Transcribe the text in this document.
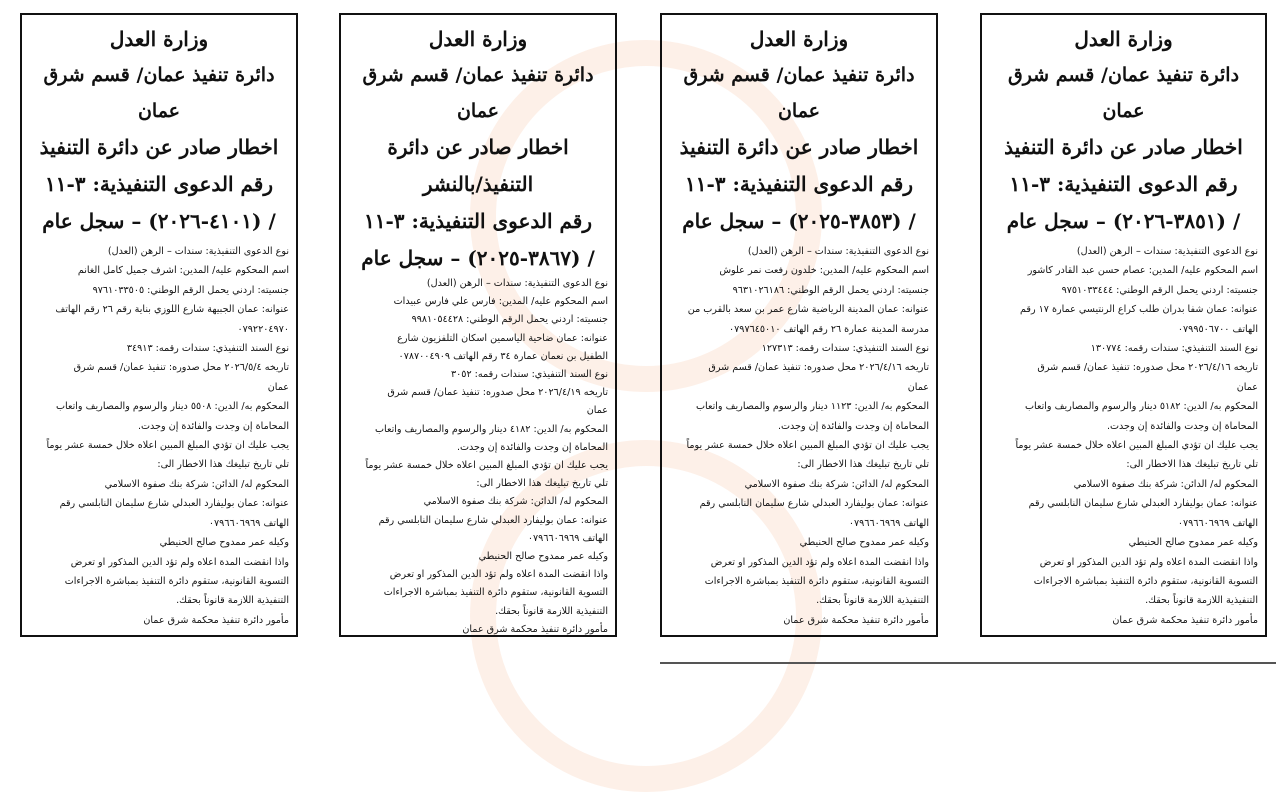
وزارة العدل
دائرة تنفيذ عمان/ قسم شرق
عمان
اخطار صادر عن دائرة التنفيذ
رقم الدعوى التنفيذية: ٣-١١
/ (٣٨٥١-٢٠٢٦) – سجل عام
نوع الدعوى التنفيذية: سندات – الرهن (العدل)
اسم المحكوم عليه/ المدين: عصام حسن عبد القادر كاشور
جنسيته: اردني يحمل الرقم الوطني: ٩٧٥١٠٣٣٤٤٤
عنوانه: عمان شفا بدران طلب كراع الرنتيسي عمارة ١٧ رقم
الهاتف ٠٧٩٩٥٠٦٧٠٠
نوع السند التنفيذي: سندات رقمه: ١٣٠٧٧٤
تاريخه ٢٠٢٦/٤/١٦ محل صدوره: تنفيذ عمان/ قسم شرق
عمان
المحكوم به/ الدين: ٥١٨٢ دينار والرسوم والمصاريف واتعاب
المحاماة إن وجدت والفائدة إن وجدت.
يجب عليك ان تؤدي المبلغ المبين اعلاه خلال خمسة عشر يوماً
تلي تاريخ تبليغك هذا الاخطار الى:
المحكوم له/ الدائن: شركة بنك صفوة الاسلامي
عنوانه: عمان بوليفارد العبدلي شارع سليمان النابلسي رقم
الهاتف ٠٧٩٦٦٠٦٩٦٩
وكيله عمر ممدوح صالح الحنيطي
واذا انقضت المدة اعلاه ولم تؤد الدين المذكور او تعرض
التسوية القانونية، ستقوم دائرة التنفيذ بمباشرة الاجراءات
التنفيذية اللازمة قانوناً بحقك.
مأمور دائرة تنفيذ محكمة شرق عمان
وزارة العدل
دائرة تنفيذ عمان/ قسم شرق
عمان
اخطار صادر عن دائرة التنفيذ
رقم الدعوى التنفيذية: ٣-١١
/ (٣٨٥٣-٢٠٢٥) – سجل عام
نوع الدعوى التنفيذية: سندات – الرهن (العدل)
اسم المحكوم عليه/ المدين: خلدون رفعت نمر علوش
جنسيته: اردني يحمل الرقم الوطني: ٩٦٣١٠٢٦١٨٦
عنوانه: عمان المدينة الرياضية شارع عمر بن سعد بالقرب من
مدرسة المدينة عمارة ٢٦ رقم الهاتف ٠٧٩٧٦٤٥٠١٠
نوع السند التنفيذي: سندات رقمه: ١٢٧٣١٣
تاريخه ٢٠٢٦/٤/١٦ محل صدوره: تنفيذ عمان/ قسم شرق
عمان
المحكوم به/ الدين: ١١٢٣ دينار والرسوم والمصاريف واتعاب
المحاماة إن وجدت والفائدة إن وجدت.
يجب عليك ان تؤدي المبلغ المبين اعلاه خلال خمسة عشر يوماً
تلي تاريخ تبليغك هذا الاخطار الى:
المحكوم له/ الدائن: شركة بنك صفوة الاسلامي
عنوانه: عمان بوليفارد العبدلي شارع سليمان النابلسي رقم
الهاتف ٠٧٩٦٦٠٦٩٦٩
وكيله عمر ممدوح صالح الحنيطي
واذا انقضت المدة اعلاه ولم تؤد الدين المذكور او تعرض
التسوية القانونية، ستقوم دائرة التنفيذ بمباشرة الاجراءات
التنفيذية اللازمة قانوناً بحقك.
مأمور دائرة تنفيذ محكمة شرق عمان
وزارة العدل
دائرة تنفيذ عمان/ قسم شرق
عمان
اخطار صادر عن دائرة
التنفيذ/بالنشر
رقم الدعوى التنفيذية: ٣-١١
/ (٣٨٦٧-٢٠٢٥) – سجل عام
نوع الدعوى التنفيذية: سندات – الرهن (العدل)
اسم المحكوم عليه/ المدين: فارس علي فارس عبيدات
جنسيته: اردني يحمل الرقم الوطني: ٩٩٨١٠٥٤٤٢٨
عنوانه: عمان ضاحية الياسمين اسكان التلفزيون شارع
الطفيل بن نعمان عمارة ٣٤ رقم الهاتف ٠٧٨٧٠٠٤٩٠٩
نوع السند التنفيذي: سندات رقمه: ٣٠٥٢
تاريخه ٢٠٢٦/٤/١٩ محل صدوره: تنفيذ عمان/ قسم شرق
عمان
المحكوم به/ الدين: ٤١٨٢ دينار والرسوم والمصاريف واتعاب
المحاماة إن وجدت والفائدة إن وجدت.
يجب عليك ان تؤدي المبلغ المبين اعلاه خلال خمسة عشر يوماً
تلي تاريخ تبليغك هذا الاخطار الى:
المحكوم له/ الدائن: شركة بنك صفوة الاسلامي
عنوانه: عمان بوليفارد العبدلي شارع سليمان النابلسي رقم
الهاتف ٠٧٩٦٦٠٦٩٦٩
وكيله عمر ممدوح صالح الحنيطي
واذا انقضت المدة اعلاه ولم تؤد الدين المذكور او تعرض
التسوية القانونية، ستقوم دائرة التنفيذ بمباشرة الاجراءات
التنفيذية اللازمة قانوناً بحقك.
مأمور دائرة تنفيذ محكمة شرق عمان
وزارة العدل
دائرة تنفيذ عمان/ قسم شرق
عمان
اخطار صادر عن دائرة التنفيذ
رقم الدعوى التنفيذية: ٣-١١
/ (٤١٠١-٢٠٢٦) – سجل عام
نوع الدعوى التنفيذية: سندات – الرهن (العدل)
اسم المحكوم عليه/ المدين: اشرف جميل كامل الغانم
جنسيته: اردني يحمل الرقم الوطني: ٩٧٦١٠٣٣٥٠٥
عنوانه: عمان الجبيهة شارع اللوزي بناية رقم ٢٦ رقم الهاتف
٠٧٩٢٢٠٤٩٧٠
نوع السند التنفيذي: سندات رقمه: ٣٤٩١٣
تاريخه ٢٠٢٦/٥/٤ محل صدوره: تنفيذ عمان/ قسم شرق
عمان
المحكوم به/ الدين: ٥٥٠٨ دينار والرسوم والمصاريف واتعاب
المحاماة إن وجدت والفائدة إن وجدت.
يجب عليك ان تؤدي المبلغ المبين اعلاه خلال خمسة عشر يوماً
تلي تاريخ تبليغك هذا الاخطار الى:
المحكوم له/ الدائن: شركة بنك صفوة الاسلامي
عنوانه: عمان بوليفارد العبدلي شارع سليمان النابلسي رقم
الهاتف ٠٧٩٦٦٠٦٩٦٩
وكيله عمر ممدوح صالح الحنيطي
واذا انقضت المدة اعلاه ولم تؤد الدين المذكور او تعرض
التسوية القانونية، ستقوم دائرة التنفيذ بمباشرة الاجراءات
التنفيذية اللازمة قانوناً بحقك.
مأمور دائرة تنفيذ محكمة شرق عمان
